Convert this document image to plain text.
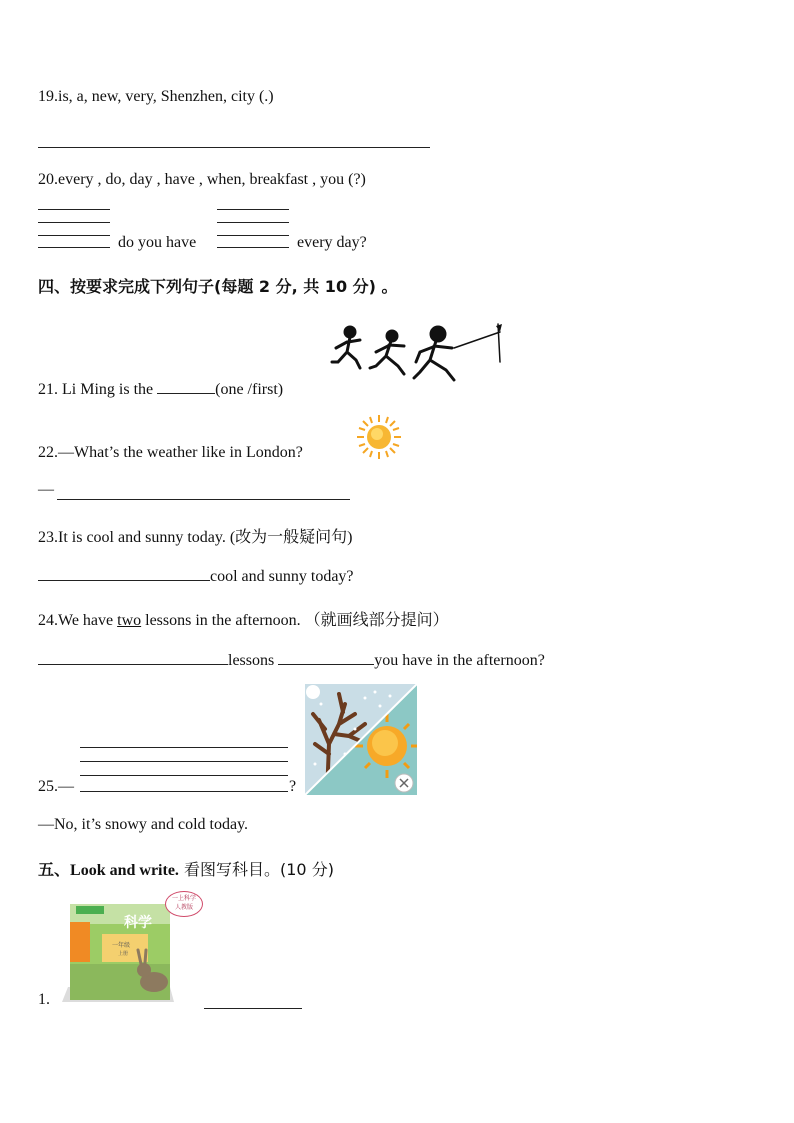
19.is, a, new, very, Shenzhen, city (.)
20.every , do, day , have , when, breakfast , you (?)
do you have	every day?
四、按要求完成下列句子(每题 2 分, 共 10 分) 。
21. Li Ming is the	(one /first)
22.—What’s the weather like in London?
—
23.It is cool and sunny today. (改为一般疑问句)
cool and sunny today?
24.We have two lessons in the afternoon. （就画线部分提问）
lessons	you have in the afternoon?
25.—	?
—No, it’s snowy and cold today.
五、Look and write. 看图写科目。(10 分)
1.
科学
一年级
上册
一上科学
人教版
